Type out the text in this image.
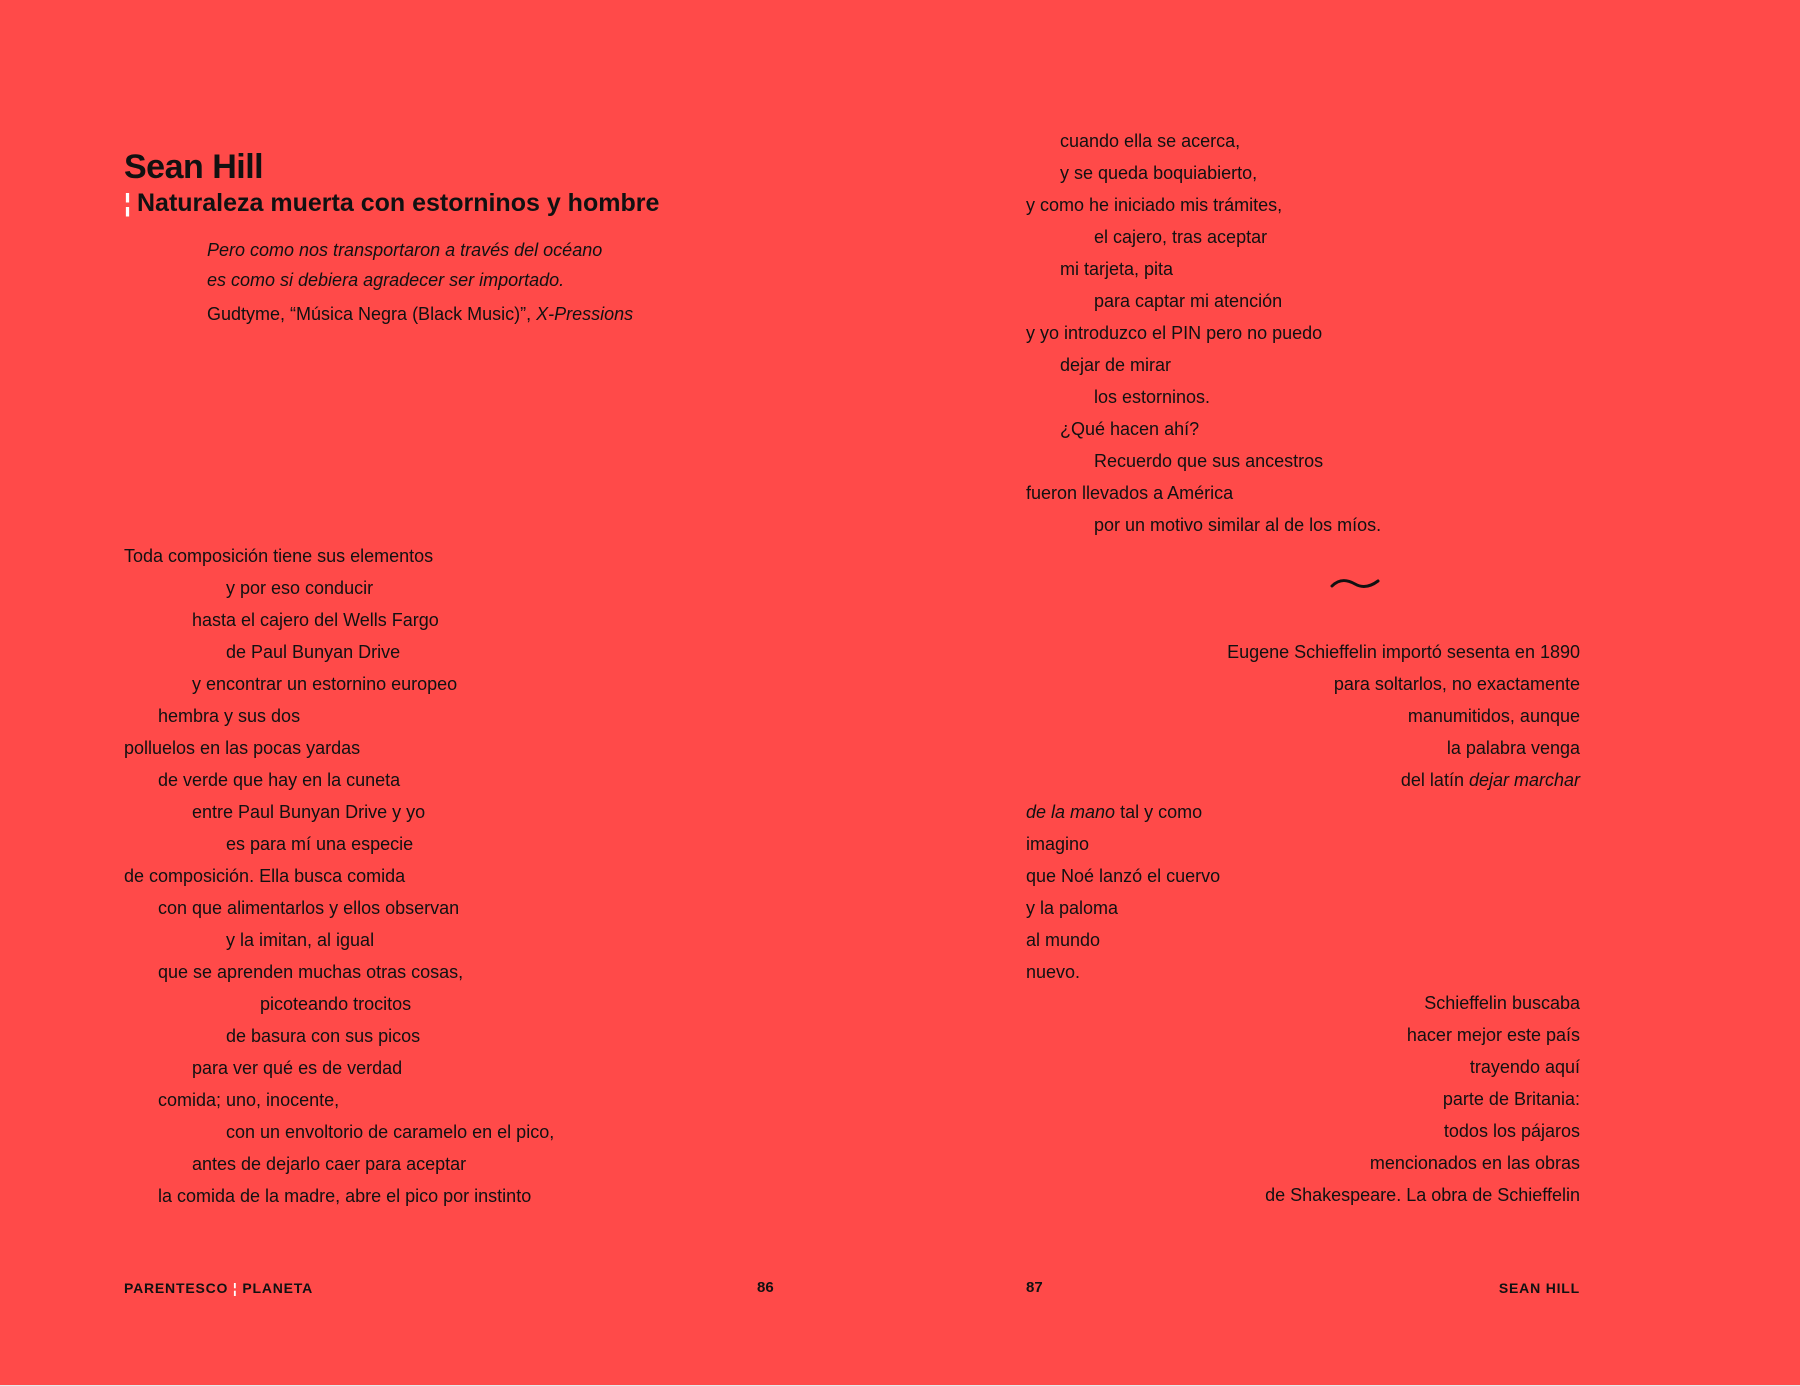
Sean Hill
¦ Naturaleza muerta con estorninos y hombre
Pero como nos transportaron a través del océano
es como si debiera agradecer ser importado.
Gudtyme, “Música Negra (Black Music)”, X-Pressions
Toda composición tiene sus elementos
y por eso conducir
hasta el cajero del Wells Fargo
de Paul Bunyan Drive
y encontrar un estornino europeo
hembra y sus dos
polluelos en las pocas yardas
de verde que hay en la cuneta
entre Paul Bunyan Drive y yo
es para mí una especie
de composición. Ella busca comida
con que alimentarlos y ellos observan
y la imitan, al igual
que se aprenden muchas otras cosas,
picoteando trocitos
de basura con sus picos
para ver qué es de verdad
comida; uno, inocente,
con un envoltorio de caramelo en el pico,
antes de dejarlo caer para aceptar
la comida de la madre, abre el pico por instinto
PARENTESCO ¦ PLANETA	86
cuando ella se acerca,
y se queda boquiabierto,
y como he iniciado mis trámites,
el cajero, tras aceptar
mi tarjeta, pita
para captar mi atención
y yo introduzco el PIN pero no puedo
dejar de mirar
los estorninos.
¿Qué hacen ahí?
Recuerdo que sus ancestros
fueron llevados a América
por un motivo similar al de los míos.
Eugene Schieffelin importó sesenta en 1890
para soltarlos, no exactamente
manumitidos, aunque
la palabra venga
del latín dejar marchar
de la mano tal y como
imagino
que Noé lanzó el cuervo
y la paloma
al mundo
nuevo.
Schieffelin buscaba
hacer mejor este país
trayendo aquí
parte de Britania:
todos los pájaros
mencionados en las obras
de Shakespeare. La obra de Schieffelin
87	SEAN HILL
